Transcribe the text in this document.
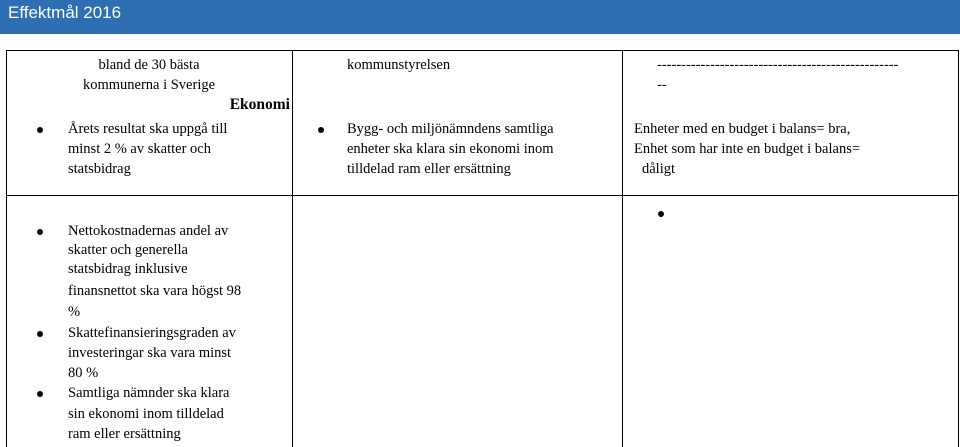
Effektmål 2016
bland de 30 bästa
kommunerna i Sverige
Ekonomi
Årets resultat ska uppgå till
minst 2 % av skatter och
statsbidrag
Nettokostnadernas andel av
skatter och generella
statsbidrag inklusive
finansnettot ska vara högst 98
%
Skattefinansieringsgraden av
investeringar ska vara minst
80 %
Samtliga nämnder ska klara
sin ekonomi inom tilldelad
ram eller ersättning
kommunstyrelsen
Bygg- och miljönämndens samtliga
enheter ska klara sin ekonomi inom
tilldelad ram eller ersättning
--------------------------------------------------
--
Enheter med en budget i balans= bra,
Enhet som har inte en budget i balans=
dåligt
